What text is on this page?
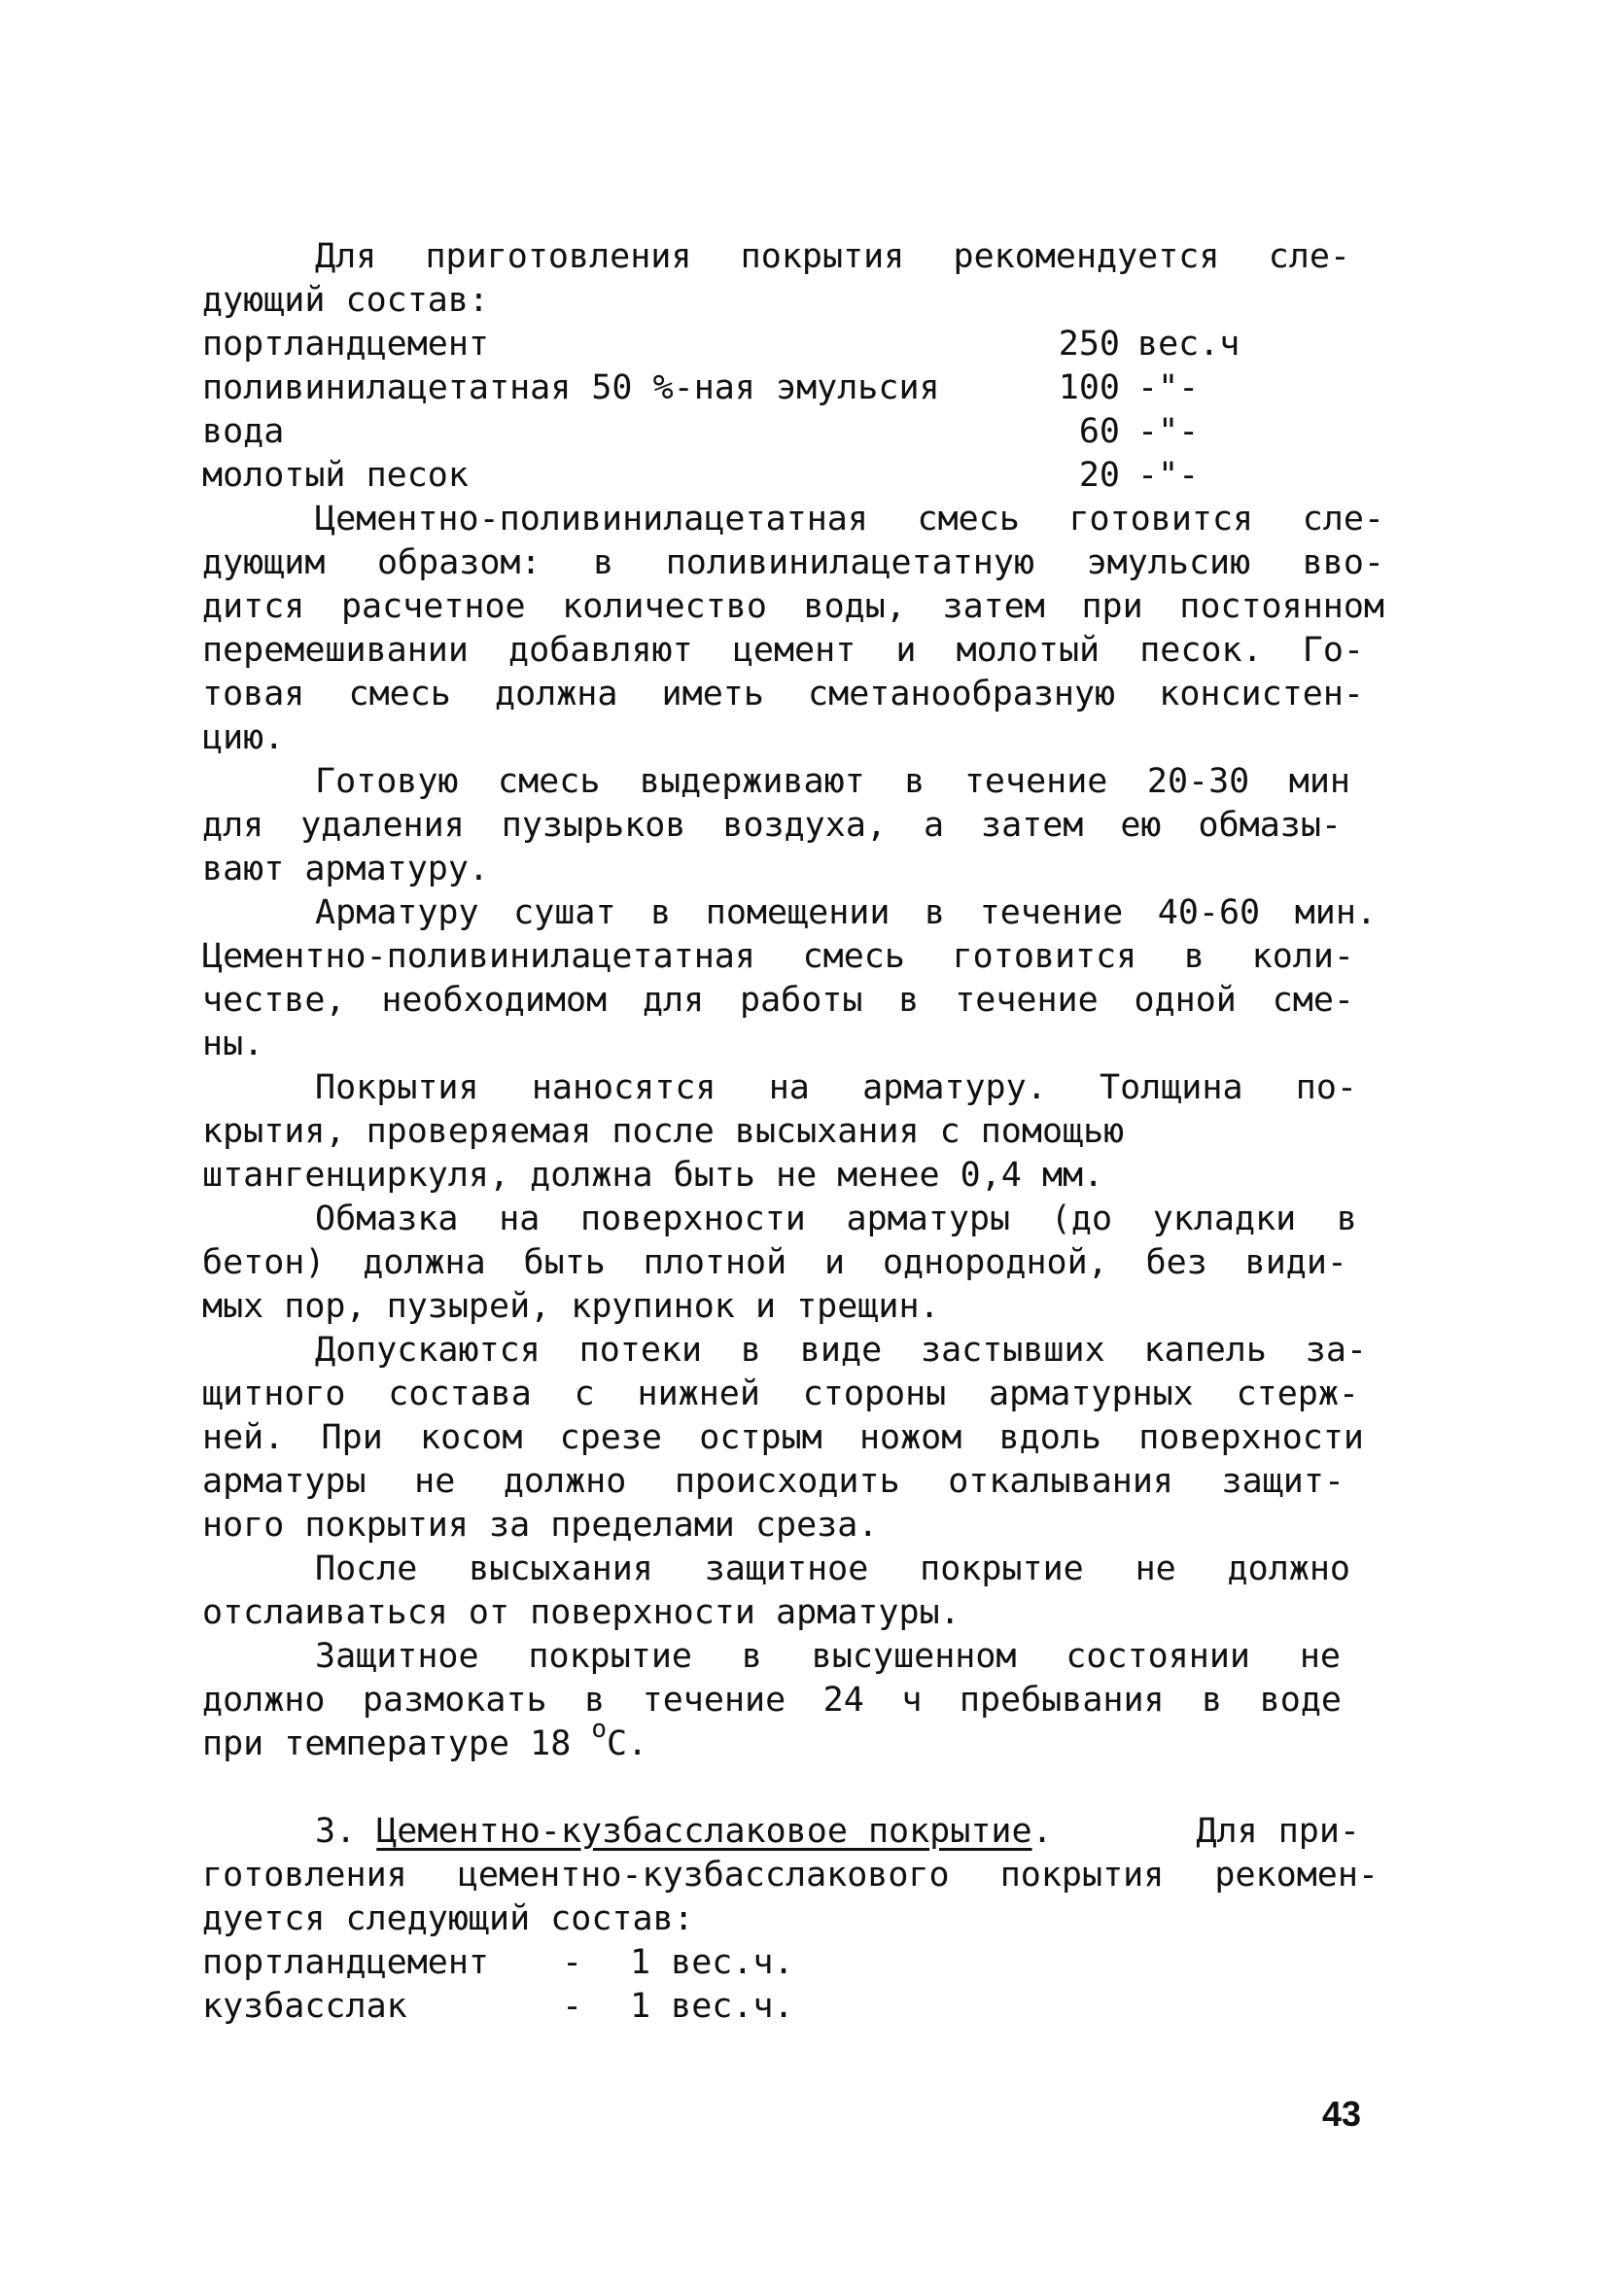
Для приготовления покрытия рекомендуется сле-
дующий состав:
портландцемент	250 вес.ч
поливинилацетатная 50 %-ная эмульсия	100 -"-
вода	60 -"-
молотый песок	20 -"-
Цементно-поливинилацетатная смесь готовится сле-
дующим образом: в поливинилацетатную эмульсию вво-
дится расчетное количество воды, затем при постоянном
перемешивании добавляют цемент и молотый песок. Го-
товая смесь должна иметь сметанообразную консистен-
цию.
Готовую смесь выдерживают в течение 20-30 мин
для удаления пузырьков воздуха, а затем ею обмазы-
вают арматуру.
Арматуру сушат в помещении в течение 40-60 мин.
Цементно-поливинилацетатная смесь готовится в коли-
честве, необходимом для работы в течение одной сме-
ны.
Покрытия наносятся на арматуру. Толщина по-
крытия, проверяемая после высыхания с помощью
штангенциркуля, должна быть не менее 0,4 мм.
Обмазка на поверхности арматуры (до укладки в
бетон) должна быть плотной и однородной, без види-
мых пор, пузырей, крупинок и трещин.
Допускаются потеки в виде застывших капель за-
щитного состава с нижней стороны арматурных стерж-
ней. При косом срезе острым ножом вдоль поверхности
арматуры не должно происходить откалывания защит-
ного покрытия за пределами среза.
После высыхания защитное покрытие не должно
отслаиваться от поверхности арматуры.
Защитное покрытие в высушенном состоянии не
должно размокать в течение 24 ч пребывания в воде
при температуре 18 $^o$С.
3. Цементно-кузбасслаковое покрытие.	Для при-
готовления цементно-кузбасслакового покрытия рекомен-
дуется следующий состав:
портландцемент - 1 вес.ч.
кузбасслак	- 1 вес.ч.
43
